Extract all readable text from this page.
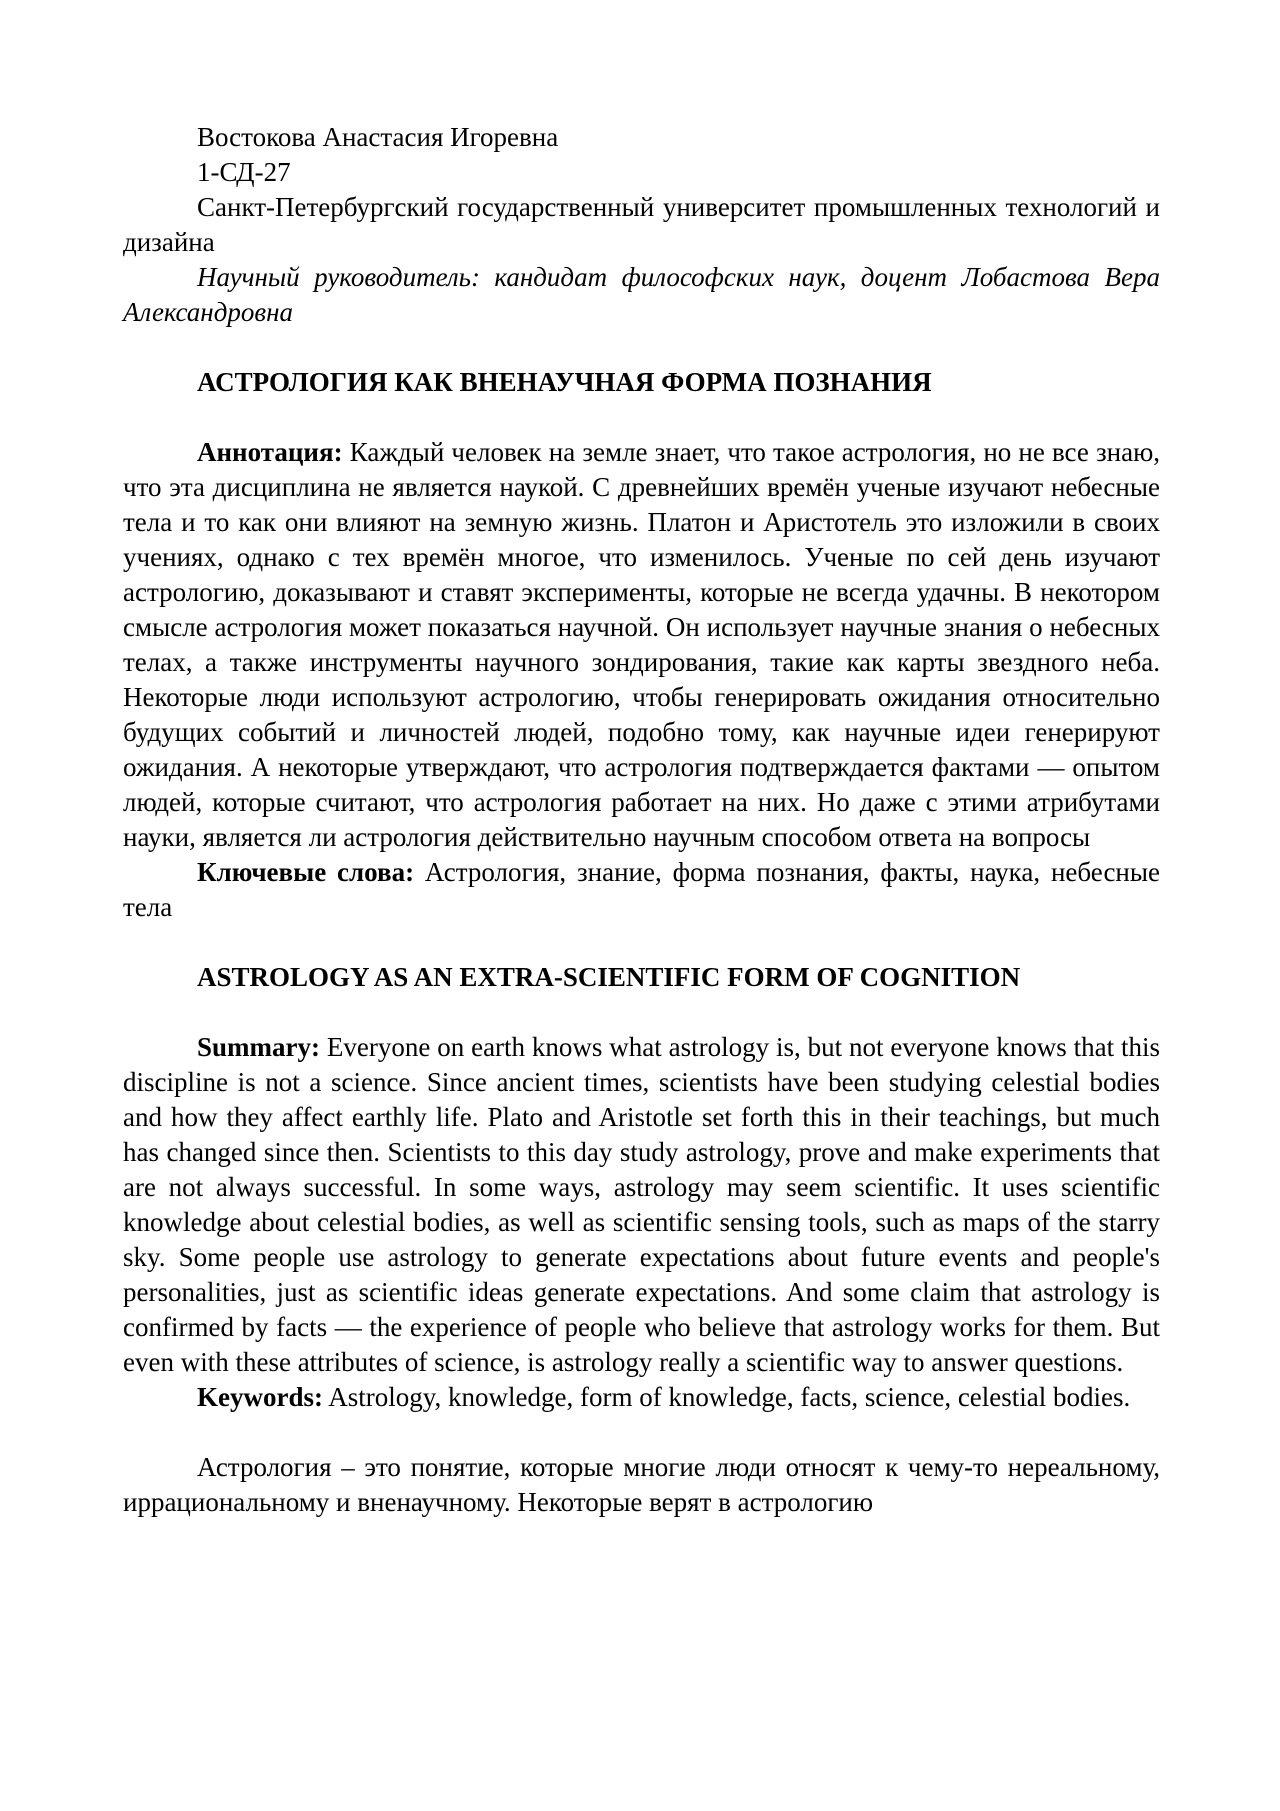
Востокова Анастасия Игоревна

1-СД-27

Санкт-Петербургский государственный университет промышленных технологий и дизайна

Научный руководитель: кандидат философских наук, доцент Лобастова Вера Александровна

АСТРОЛОГИЯ КАК ВНЕНАУЧНАЯ ФОРМА ПОЗНАНИЯ

Аннотация: Каждый человек на земле знает, что такое астрология, но не все знаю, что эта дисциплина не является наукой. С древнейших времён ученые изучают небесные тела и то как они влияют на земную жизнь. Платон и Аристотель это изложили в своих учениях, однако с тех времён многое, что изменилось. Ученые по сей день изучают астрологию, доказывают и ставят эксперименты, которые не всегда удачны. В некотором смысле астрология может показаться научной. Он использует научные знания о небесных телах, а также инструменты научного зондирования, такие как карты звездного неба. Некоторые люди используют астрологию, чтобы генерировать ожидания относительно будущих событий и личностей людей, подобно тому, как научные идеи генерируют ожидания. А некоторые утверждают, что астрология подтверждается фактами — опытом людей, которые считают, что астрология работает на них. Но даже с этими атрибутами науки, является ли астрология действительно научным способом ответа на вопросы

Ключевые слова: Астрология, знание, форма познания, факты, наука, небесные тела

ASTROLOGY AS AN EXTRA-SCIENTIFIC FORM OF COGNITION

Summary: Everyone on earth knows what astrology is, but not everyone knows that this discipline is not a science. Since ancient times, scientists have been studying celestial bodies and how they affect earthly life. Plato and Aristotle set forth this in their teachings, but much has changed since then. Scientists to this day study astrology, prove and make experiments that are not always successful. In some ways, astrology may seem scientific. It uses scientific knowledge about celestial bodies, as well as scientific sensing tools, such as maps of the starry sky. Some people use astrology to generate expectations about future events and people's personalities, just as scientific ideas generate expectations. And some claim that astrology is confirmed by facts — the experience of people who believe that astrology works for them. But even with these attributes of science, is astrology really a scientific way to answer questions.

Keywords: Astrology, knowledge, form of knowledge, facts, science, celestial bodies.

Астрология – это понятие, которые многие люди относят к чему-то нереальному, иррациональному и вненаучному. Некоторые верят в астрологию
